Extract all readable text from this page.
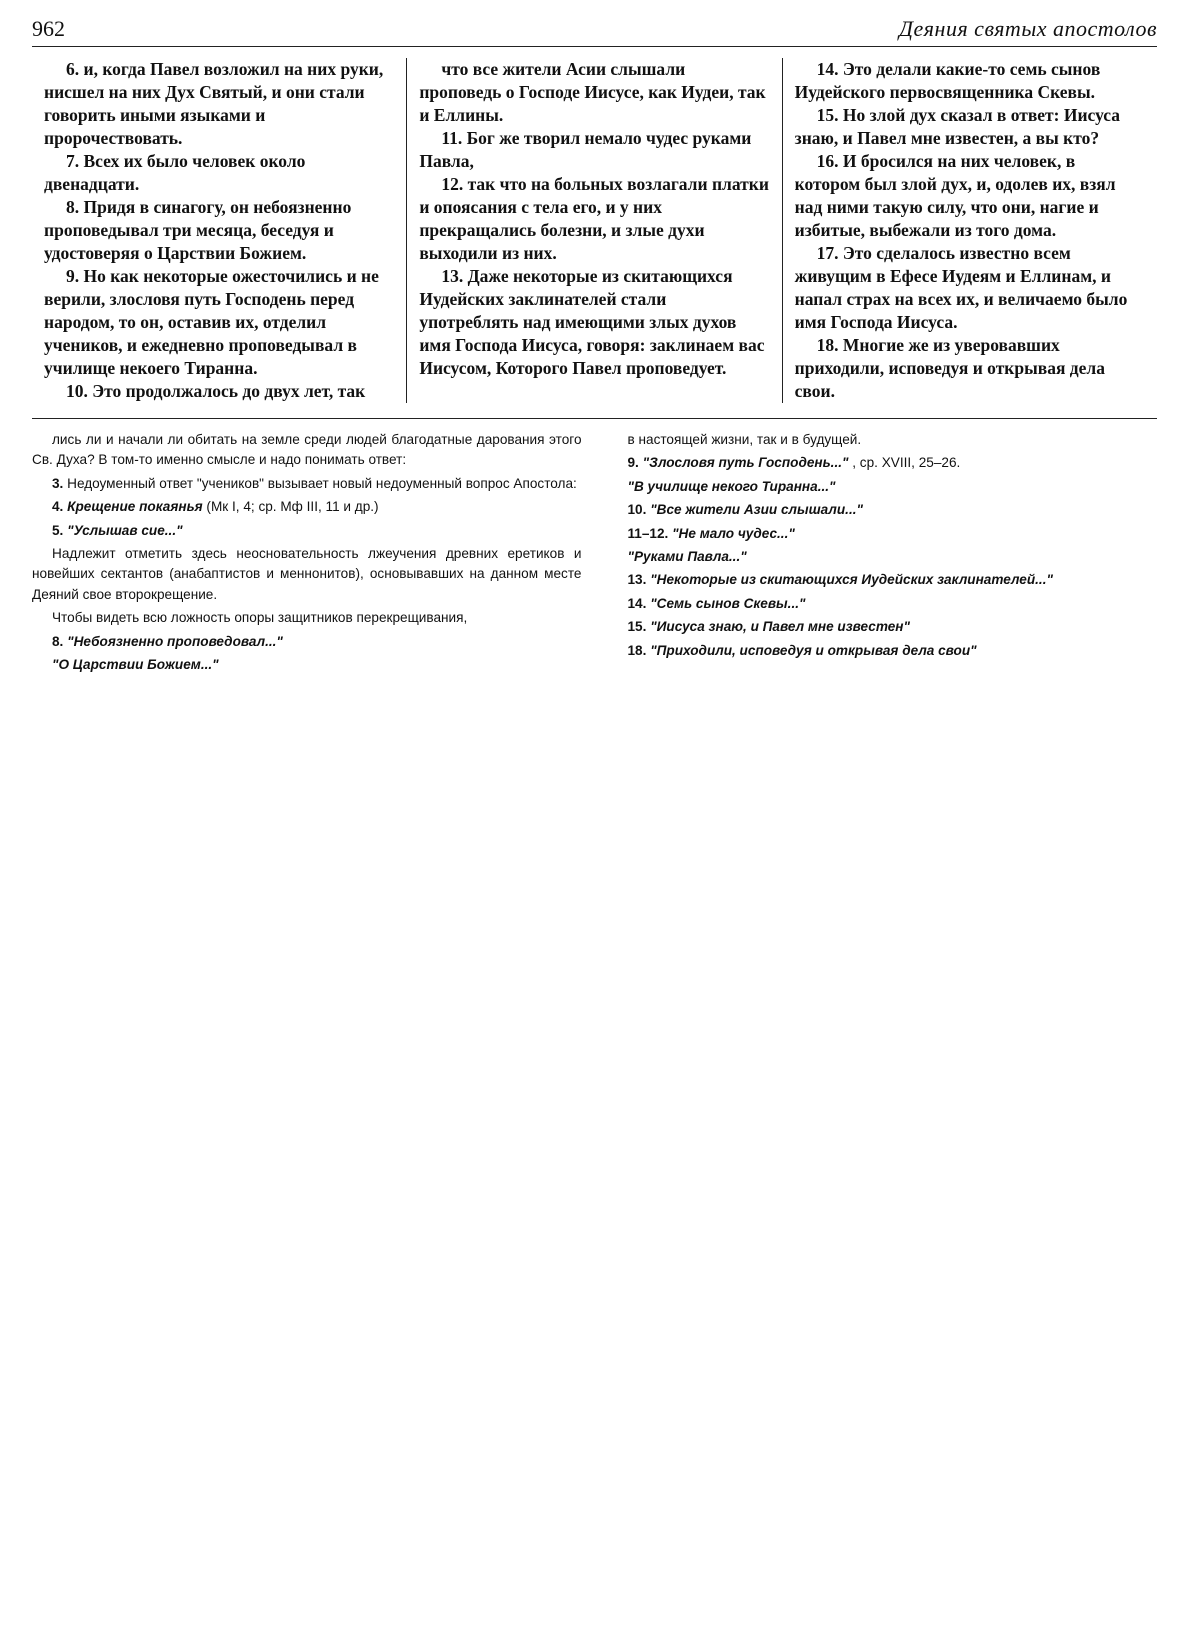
962	Деяния святых апостолов

6. и, когда Павел возложил на них руки, нисшел на них Дух Святый, и они стали говорить иными языками и пророчествовать.

7. Всех их было человек около двенадцати.

8. Придя в синагогу, он небоязненно проповедывал три месяца, беседуя и удостоверяя о Царствии Божием.

9. Но как некоторые ожесточились и не верили, злословя путь Господень перед народом, то он, оставив их, отделил учеников, и ежедневно проповедывал в училище некоего Тиранна.

10. Это продолжалось до двух лет, так

что все жители Асии слышали проповедь о Господе Иисусе, как Иудеи, так и Еллины.

11. Бог же творил немало чудес руками Павла,

12. так что на больных возлагали платки и опоясания с тела его, и у них прекращались болезни, и злые духи выходили из них.

13. Даже некоторые из скитающихся Иудейских заклинателей стали употреблять над имеющими злых духов имя Господа Иисуса, говоря: заклинаем вас Иисусом, Которого Павел проповедует.

14. Это делали какие-то семь сынов Иудейского первосвященника Скевы.

15. Но злой дух сказал в ответ: Иисуса знаю, и Павел мне известен, а вы кто?

16. И бросился на них человек, в котором был злой дух, и, одолев их, взял над ними такую силу, что они, нагие и избитые, выбежали из того дома.

17. Это сделалось известно всем живущим в Ефесе Иудеям и Еллинам, и напал страх на всех их, и величаемо было имя Господа Иисуса.

18. Многие же из уверовавших приходили, исповедуя и открывая дела свои.

лись ли и начали ли обитать на земле среди людей благодатные дарования этого Св. Духа? В том-то именно смысле и надо понимать ответ:

3. Недоуменный ответ "учеников" вызывает новый недоуменный вопрос Апостола:

4. Крещение покаянья (Мк I, 4; ср. Мф III, 11 и др.)

5. "Услышав сие..."

Надлежит отметить здесь неосновательность лжеучения древних еретиков и новейших сектантов (анабаптистов и меннонитов), основывавших на данном месте Деяний свое второкрещение.

Чтобы видеть всю ложность опоры защитников перекрещивания,

8. "Небоязненно проповедовал..."

"О Царствии Божием..."

в настоящей жизни, так и в будущей.

9. "Злословя путь Господень..." , ср. XVIII, 25–26.

"В училище некого Тиранна..."

10. "Все жители Азии слышали..."

11–12. "Не мало чудес..."

"Руками Павла..."

13. "Некоторые из скитающихся Иудейских заклинателей..."

14. "Семь сынов Скевы..."

15. "Иисуса знаю, и Павел мне известен"

18. "Приходили, исповедуя и открывая дела свои"
